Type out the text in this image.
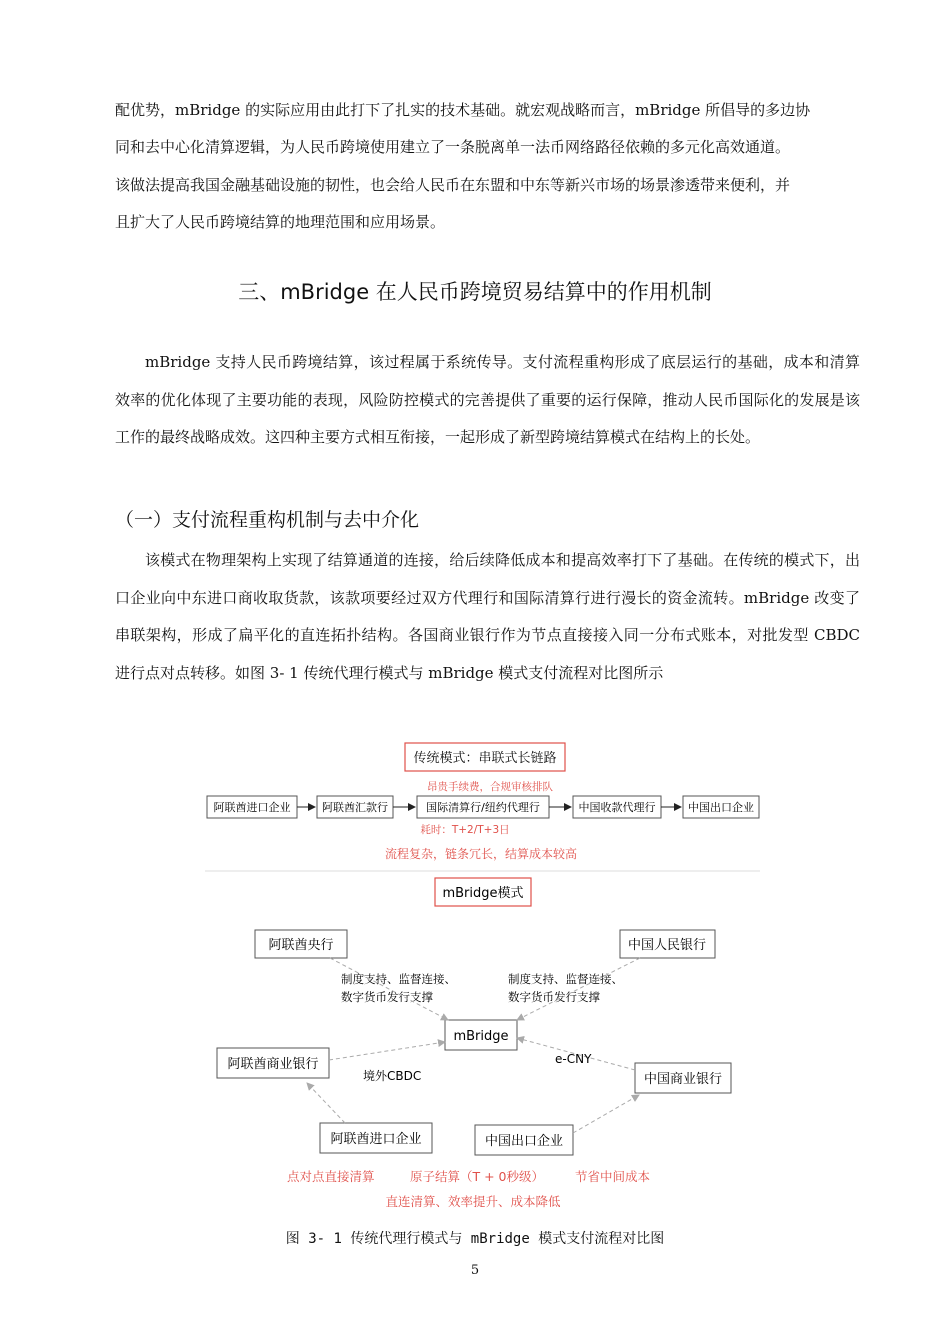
配优势，mBridge 的实际应用由此打下了扎实的技术基础。就宏观战略而言，mBridge 所倡导的多边协

同和去中心化清算逻辑，为人民币跨境使用建立了一条脱离单一法币网络路径依赖的多元化高效通道。

该做法提高我国金融基础设施的韧性，也会给人民币在东盟和中东等新兴市场的场景渗透带来便利，并

且扩大了人民币跨境结算的地理范围和应用场景。

三、mBridge 在人民币跨境贸易结算中的作用机制

mBridge 支持人民币跨境结算，该过程属于系统传导。支付流程重构形成了底层运行的基础，成本和清算效率的优化体现了主要功能的表现，风险防控模式的完善提供了重要的运行保障，推动人民币国际化的发展是该工作的最终战略成效。这四种主要方式相互衔接，一起形成了新型跨境结算模式在结构上的长处。

（一）支付流程重构机制与去中介化

该模式在物理架构上实现了结算通道的连接，给后续降低成本和提高效率打下了基础。在传统的模式下，出口企业向中东进口商收取货款，该款项要经过双方代理行和国际清算行进行漫长的资金流转。mBridge 改变了串联架构，形成了扁平化的直连拓扑结构。各国商业银行作为节点直接接入同一分布式账本，对批发型 CBDC 进行点对点转移。如图 3- 1 传统代理行模式与 mBridge 模式支付流程对比图所示

传统模式：串联式长链路
昂贵手续费，合规审核排队
阿联酋进口企业	阿联酋汇款行	国际清算行/纽约代理行	中国收款代理行	中国出口企业
耗时：T+2/T+3日
流程复杂，链条冗长，结算成本较高
mBridge模式
阿联酋央行	中国人民银行
制度支持、监督连接、
数字货币发行支撑
制度支持、监督连接、
数字货币发行支撑
mBridge
阿联酋商业银行
中国商业银行
境外CBDC
e-CNY
阿联酋进口企业	中国出口企业
点对点直接清算	原子结算（T + 0秒级） 节省中间成本
直连清算、效率提升、成本降低
图 3- 1 传统代理行模式与 mBridge 模式支付流程对比图
5
